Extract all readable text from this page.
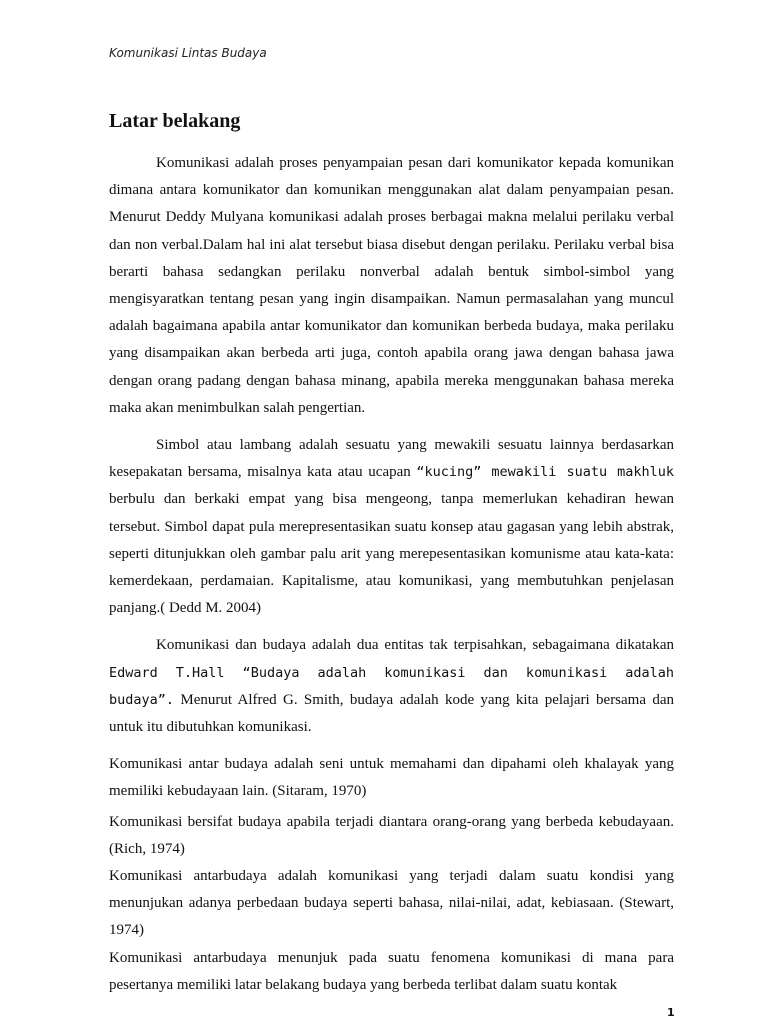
Komunikasi Lintas Budaya
Latar belakang

Komunikasi adalah proses penyampaian pesan dari komunikator kepada komunikan dimana antara komunikator dan komunikan menggunakan alat dalam penyampaian pesan. Menurut Deddy Mulyana komunikasi adalah proses berbagai makna melalui perilaku verbal dan non verbal.Dalam hal ini alat tersebut biasa disebut dengan perilaku. Perilaku verbal bisa berarti bahasa sedangkan perilaku nonverbal adalah bentuk simbol-simbol yang mengisyaratkan tentang pesan yang ingin disampaikan. Namun permasalahan yang muncul adalah bagaimana apabila antar komunikator dan komunikan berbeda budaya, maka perilaku yang disampaikan akan berbeda arti juga, contoh apabila orang jawa dengan bahasa jawa dengan orang padang dengan bahasa minang, apabila mereka menggunakan bahasa mereka maka akan menimbulkan salah pengertian.

Simbol atau lambang adalah sesuatu yang mewakili sesuatu lainnya berdasarkan kesepakatan bersama, misalnya kata atau ucapan “kucing” mewakili suatu makhluk berbulu dan berkaki empat yang bisa mengeong, tanpa memerlukan kehadiran hewan tersebut. Simbol dapat pula merepresentasikan suatu konsep atau gagasan yang lebih abstrak, seperti ditunjukkan oleh gambar palu arit yang merepesentasikan komunisme atau kata-kata: kemerdekaan, perdamaian. Kapitalisme, atau komunikasi, yang membutuhkan penjelasan panjang.( Dedd M. 2004)

Komunikasi dan budaya adalah dua entitas tak terpisahkan, sebagaimana dikatakan Edward T.Hall “Budaya adalah komunikasi dan komunikasi adalah budaya”. Menurut Alfred G. Smith, budaya adalah kode yang kita pelajari bersama dan untuk itu dibutuhkan komunikasi.

Komunikasi antar budaya adalah seni untuk memahami dan dipahami oleh khalayak yang memiliki kebudayaan lain. (Sitaram, 1970)

Komunikasi bersifat budaya apabila terjadi diantara orang-orang yang berbeda kebudayaan. (Rich, 1974)

Komunikasi antarbudaya adalah komunikasi yang terjadi dalam suatu kondisi yang menunjukan adanya perbedaan budaya seperti bahasa, nilai-nilai, adat, kebiasaan. (Stewart, 1974)

Komunikasi antarbudaya menunjuk pada suatu fenomena komunikasi di mana para pesertanya memiliki latar belakang budaya yang berbeda terlibat dalam suatu kontak

1
